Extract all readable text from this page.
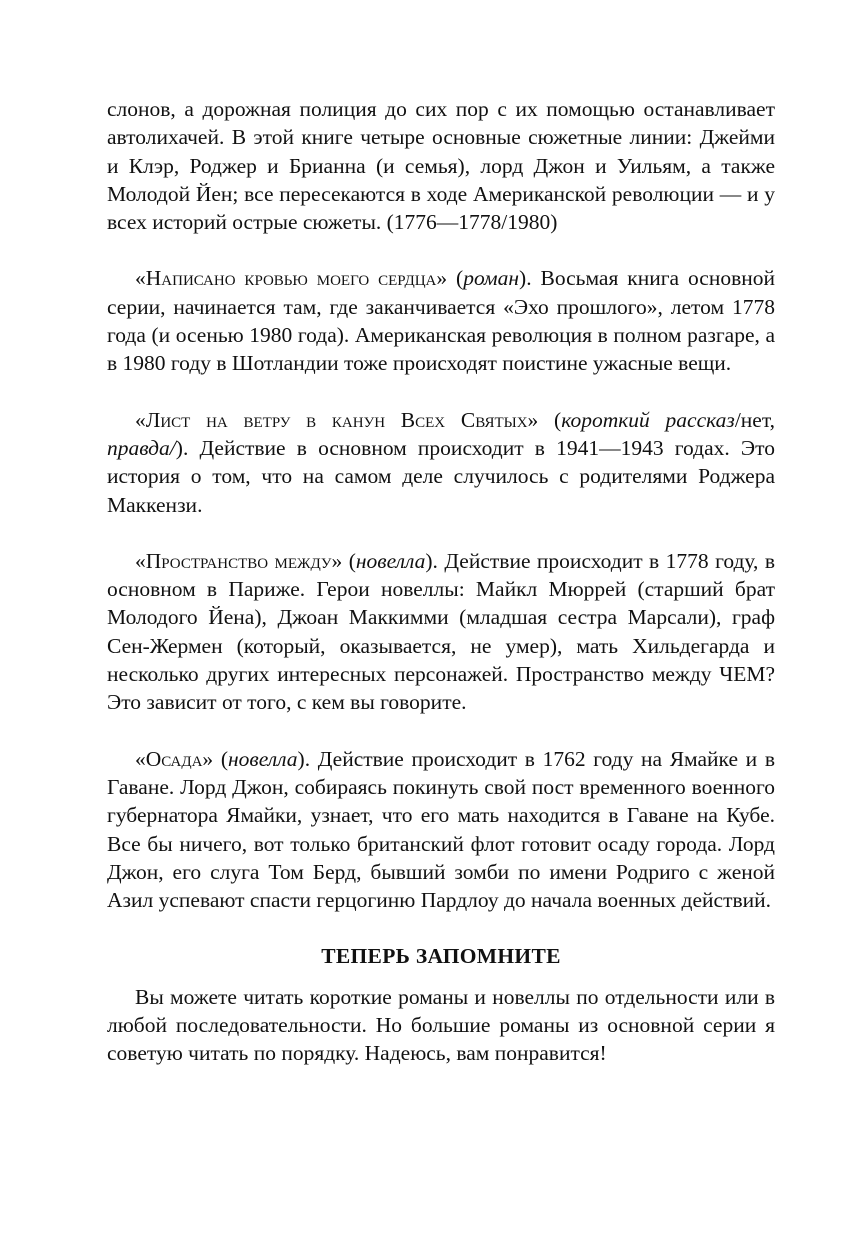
слонов, а дорожная полиция до сих пор с их помощью останавливает автолихачей. В этой книге четыре основные сюжетные линии: Джейми и Клэр, Роджер и Брианна (и семья), лорд Джон и Уильям, а также Молодой Йен; все пересекаются в ходе Американской революции — и у всех историй острые сюжеты. (1776—1778/1980)

«Написано кровью моего сердца» (роман). Восьмая книга основной серии, начинается там, где заканчивается «Эхо прошлого», летом 1778 года (и осенью 1980 года). Американская революция в полном разгаре, а в 1980 году в Шотландии тоже происходят поистине ужасные вещи.

«Лист на ветру в канун Всех Святых» (короткий рассказ/нет, правда/). Действие в основном происходит в 1941—1943 годах. Это история о том, что на самом деле случилось с родителями Роджера Маккензи.

«Пространство между» (новелла). Действие происходит в 1778 году, в основном в Париже. Герои новеллы: Майкл Мюррей (старший брат Молодого Йена), Джоан Маккимми (младшая сестра Марсали), граф Сен-Жермен (который, оказывается, не умер), мать Хильдегарда и несколько других интересных персонажей. Пространство между ЧЕМ? Это зависит от того, с кем вы говорите.

«Осада» (новелла). Действие происходит в 1762 году на Ямайке и в Гаване. Лорд Джон, собираясь покинуть свой пост временного военного губернатора Ямайки, узнает, что его мать находится в Гаване на Кубе. Все бы ничего, вот только британский флот готовит осаду города. Лорд Джон, его слуга Том Берд, бывший зомби по имени Родриго с женой Азил успевают спасти герцогиню Пардлоу до начала военных действий.

ТЕПЕРЬ ЗАПОМНИТЕ

Вы можете читать короткие романы и новеллы по отдельности или в любой последовательности. Но большие романы из основной серии я советую читать по порядку. Надеюсь, вам понравится!
